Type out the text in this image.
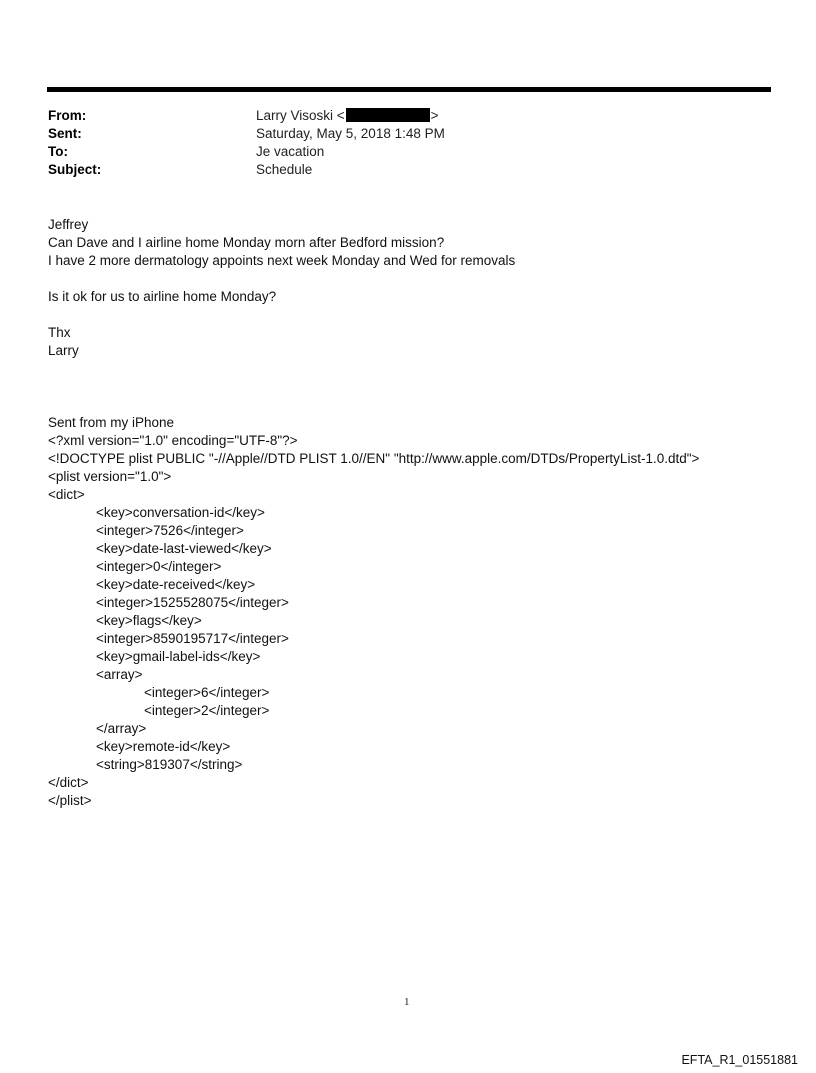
From:	Larry Visoski <	>
Sent:	Saturday, May 5, 2018 1:48 PM
To:	Je vacation
Subject:	Schedule
Jeffrey
Can Dave and I airline home Monday morn after Bedford mission?
I have 2 more dermatology appoints next week Monday and Wed for removals
Is it ok for us to airline home Monday?
Thx
Larry
Sent from my iPhone
<?xml version="1.0" encoding="UTF-8"?>
<!DOCTYPE plist PUBLIC "-//Apple//DTD PLIST 1.0//EN" "http://www.apple.com/DTDs/PropertyList-1.0.dtd">
<plist version="1.0">
<dict>
<key>conversation-id</key>
<integer>7526</integer>
<key>date-last-viewed</key>
<integer>0</integer>
<key>date-received</key>
<integer>1525528075</integer>
<key>flags</key>
<integer>8590195717</integer>
<key>gmail-label-ids</key>
<array>
<integer>6</integer>
<integer>2</integer>
</array>
<key>remote-id</key>
<string>819307</string>
</dict>
</plist>
1
EFTA_R1_01551881
